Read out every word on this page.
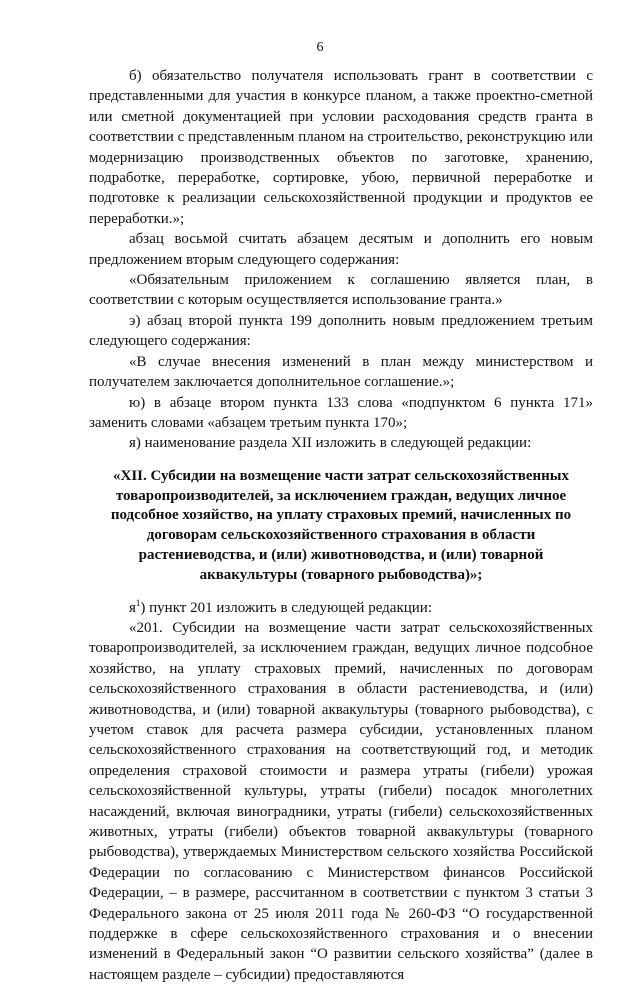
6

б) обязательство получателя использовать грант в соответствии с представленными для участия в конкурсе планом, а также проектно-сметной или сметной документацией при условии расходования средств гранта в соответствии с представленным планом на строительство, реконструкцию или модернизацию производственных объектов по заготовке, хранению, подработке, переработке, сортировке, убою, первичной переработке и подготовке к реализации сельскохозяйственной продукции и продуктов ее переработки.»;

абзац восьмой считать абзацем десятым и дополнить его новым предложением вторым следующего содержания:

«Обязательным приложением к соглашению является план, в соответствии с которым осуществляется использование гранта.»

э) абзац второй пункта 199 дополнить новым предложением третьим следующего содержания:

«В случае внесения изменений в план между министерством и получателем заключается дополнительное соглашение.»;

ю) в абзаце втором пункта 133 слова «подпунктом 6 пункта 171» заменить словами «абзацем третьим пункта 170»;

я) наименование раздела XII изложить в следующей редакции:

«XII. Субсидии на возмещение части затрат сельскохозяйственных товаропроизводителей, за исключением граждан, ведущих личное подсобное хозяйство, на уплату страховых премий, начисленных по договорам сельскохозяйственного страхования в области растениеводства, и (или) животноводства, и (или) товарной аквакультуры (товарного рыбоводства)»;

$я^1$) пункт 201 изложить в следующей редакции:

«201. Субсидии на возмещение части затрат сельскохозяйственных товаропроизводителей, за исключением граждан, ведущих личное подсобное хозяйство, на уплату страховых премий, начисленных по договорам сельскохозяйственного страхования в области растениеводства, и (или) животноводства, и (или) товарной аквакультуры (товарного рыбоводства), с учетом ставок для расчета размера субсидии, установленных планом сельскохозяйственного страхования на соответствующий год, и методик определения страховой стоимости и размера утраты (гибели) урожая сельскохозяйственной культуры, утраты (гибели) посадок многолетних насаждений, включая виноградники, утраты (гибели) сельскохозяйственных животных, утраты (гибели) объектов товарной аквакультуры (товарного рыбоводства), утверждаемых Министерством сельского хозяйства Российской Федерации по согласованию с Министерством финансов Российской Федерации, – в размере, рассчитанном в соответствии с пунктом 3 статьи 3 Федерального закона от 25 июля 2011 года № 260-ФЗ “О государственной поддержке в сфере сельскохозяйственного страхования и о внесении изменений в Федеральный закон “О развитии сельского хозяйства” (далее в настоящем разделе – субсидии) предоставляются
